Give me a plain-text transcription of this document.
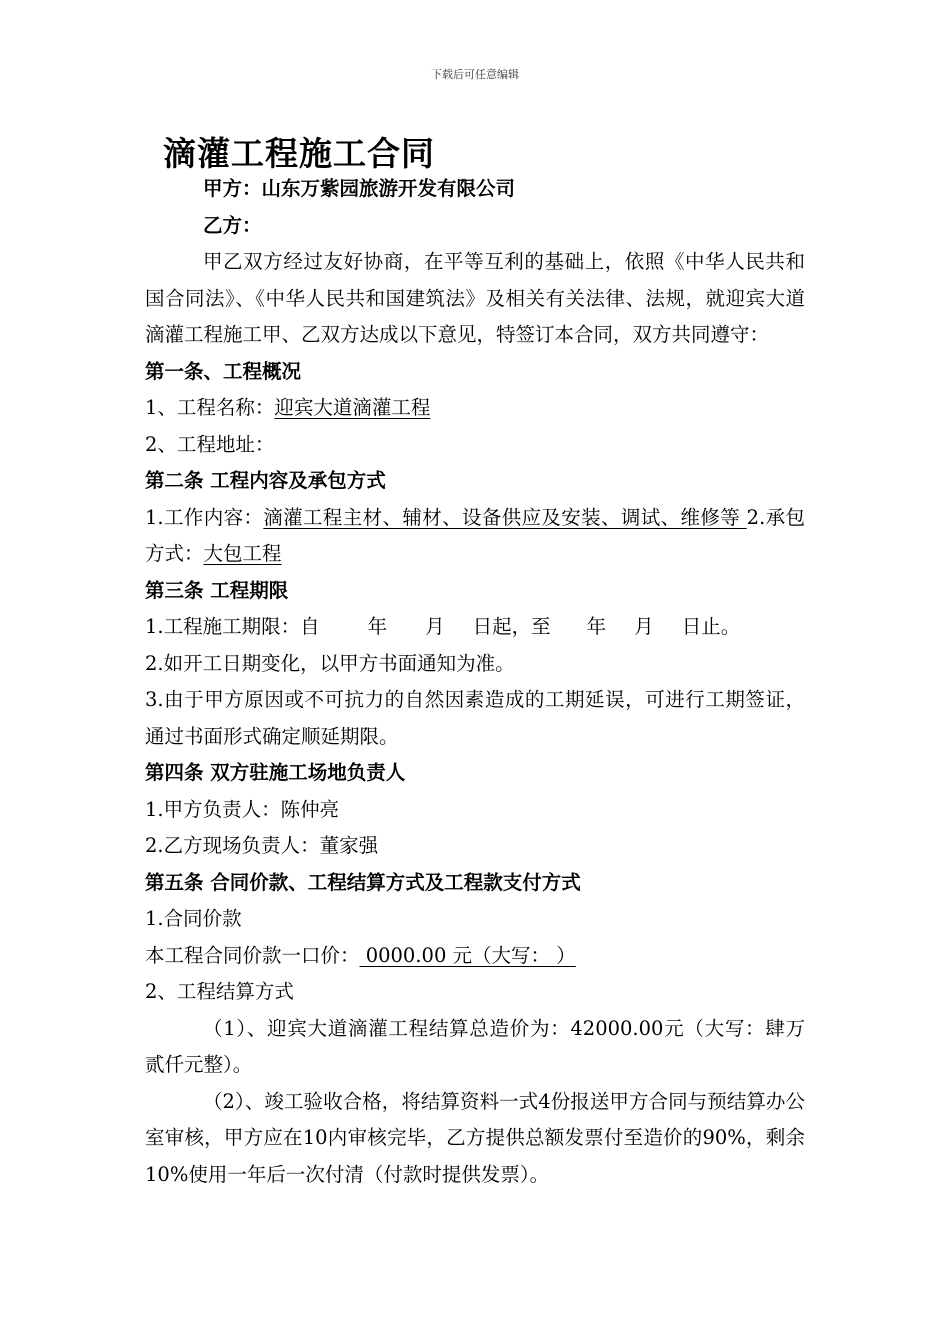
下载后可任意编辑
滴灌工程施工合同
甲方：山东万紫园旅游开发有限公司
乙方：
甲乙双方经过友好协商，在平等互利的基础上，依照《中华人民共和国合同法》、《中华人民共和国建筑法》及相关有关法律、法规，就迎宾大道滴灌工程施工甲、乙双方达成以下意见，特签订本合同，双方共同遵守：
第一条、工程概况
1、工程名称：迎宾大道滴灌工程
2、工程地址：
第二条 工程内容及承包方式
1.工作内容：滴灌工程主材、辅材、设备供应及安装、调试、维修等 2.承包方式：大包工程
第三条 工程期限
1.工程施工期限：自 年 月 日起，至 年 月 日止。
2.如开工日期变化，以甲方书面通知为准。
3.由于甲方原因或不可抗力的自然因素造成的工期延误，可进行工期签证，通过书面形式确定顺延期限。
第四条 双方驻施工场地负责人
1.甲方负责人：陈仲亮
2.乙方现场负责人：董家强
第五条 合同价款、工程结算方式及工程款支付方式
1.合同价款
本工程合同价款一口价： 0000.00 元（大写： ）
2、工程结算方式
（1）、迎宾大道滴灌工程结算总造价为：42000.00元（大写：肆万贰仟元整）。
（2）、竣工验收合格，将结算资料一式4份报送甲方合同与预结算办公室审核，甲方应在10内审核完毕，乙方提供总额发票付至造价的90%，剩余10%使用一年后一次付清（付款时提供发票）。
